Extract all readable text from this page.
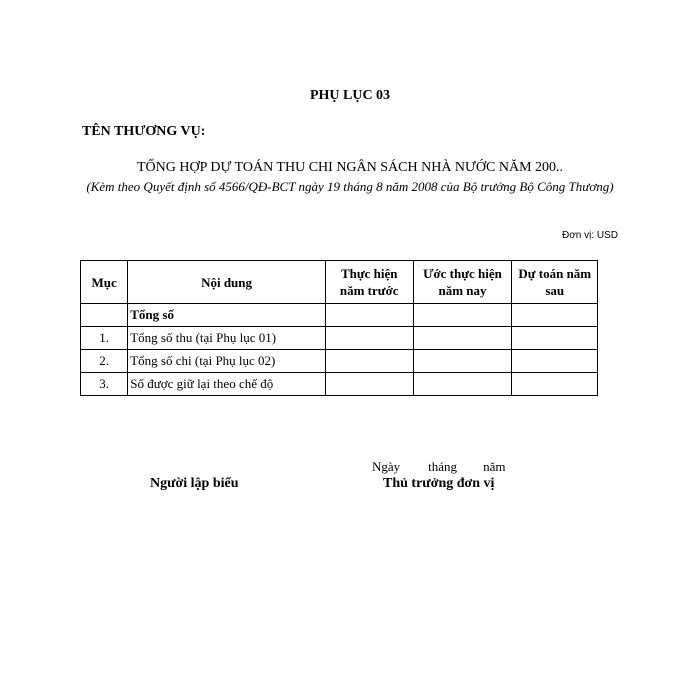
PHỤ LỤC 03
TÊN THƯƠNG VỤ:
TỔNG HỢP DỰ TOÁN THU CHI NGÂN SÁCH NHÀ NƯỚC NĂM 200..
(Kèm theo Quyết định số 4566/QĐ-BCT ngày 19 tháng 8 năm 2008 của Bộ trưởng Bộ Công Thương)
Đơn vị: USD
Mục	Nội dung	Thực hiện năm trước	Ước thực hiện năm nay	Dự toán năm sau
	Tổng số			
1.	Tổng số thu (tại Phụ lục 01)			
2.	Tổng số chi (tại Phụ lục 02)			
3.	Số được giữ lại theo chế độ			
Người lập biểu
Ngày tháng năm
Thủ trưởng đơn vị
